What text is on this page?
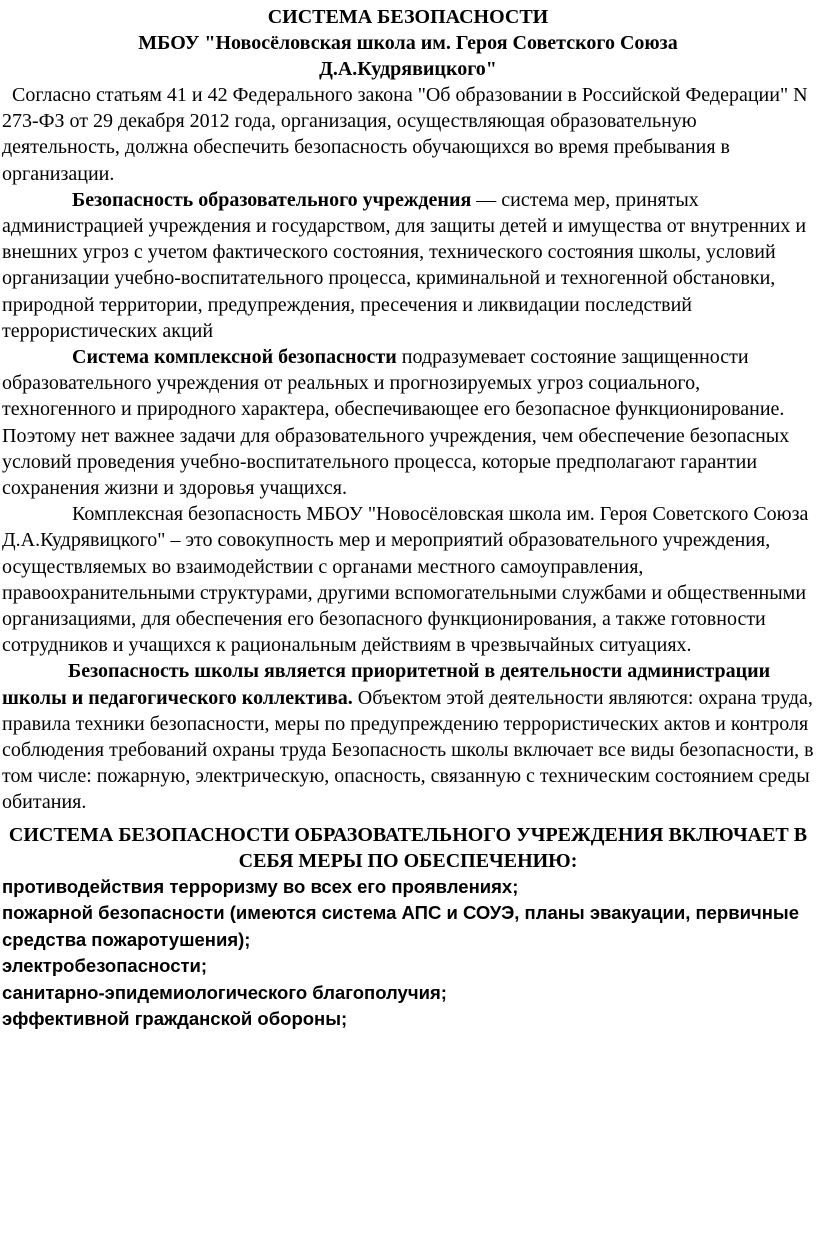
СИСТЕМА БЕЗОПАСНОСТИ
МБОУ "Новосёловская школа им. Героя Советского Союза Д.А.Кудрявицкого"

Согласно статьям 41 и 42 Федерального закона "Об образовании в Российской Федерации" N 273-ФЗ от 29 декабря 2012 года, организация, осуществляющая образовательную деятельность, должна обеспечить безопасность обучающихся во время пребывания в организации.

Безопасность образовательного учреждения — система мер, принятых администрацией учреждения и государством, для защиты детей и имущества от внутренних и внешних угроз с учетом фактического состояния, технического состояния школы, условий организации учебно-воспитательного процесса, криминальной и техногенной обстановки, природной территории, предупреждения, пресечения и ликвидации последствий террористических акций

Система комплексной безопасности подразумевает состояние защищенности образовательного учреждения от реальных и прогнозируемых угроз социального, техногенного и природного характера, обеспечивающее его безопасное функционирование. Поэтому нет важнее задачи для образовательного учреждения, чем обеспечение безопасных условий проведения учебно-воспитательного процесса, которые предполагают гарантии сохранения жизни и здоровья учащихся.

Комплексная безопасность МБОУ "Новосёловская школа им. Героя Советского Союза Д.А.Кудрявицкого" – это совокупность мер и мероприятий образовательного учреждения, осуществляемых во взаимодействии с органами местного самоуправления, правоохранительными структурами, другими вспомогательными службами и общественными организациями, для обеспечения его безопасного функционирования, а также готовности сотрудников и учащихся к рациональным действиям в чрезвычайных ситуациях.

Безопасность школы является приоритетной в деятельности администрации школы и педагогического коллектива. Объектом этой деятельности являются: охрана труда, правила техники безопасности, меры по предупреждению террористических актов и контроля соблюдения требований охраны труда Безопасность школы включает все виды безопасности, в том числе: пожарную, электрическую, опасность, связанную с техническим состоянием среды обитания.

СИСТЕМА БЕЗОПАСНОСТИ ОБРАЗОВАТЕЛЬНОГО УЧРЕЖДЕНИЯ ВКЛЮЧАЕТ В СЕБЯ МЕРЫ ПО ОБЕСПЕЧЕНИЮ:
противодействия терроризму во всех его проявлениях;
пожарной безопасности (имеются система АПС и СОУЭ, планы эвакуации, первичные средства пожаротушения);
электробезопасности;
санитарно-эпидемиологического благополучия;
эффективной гражданской обороны;
